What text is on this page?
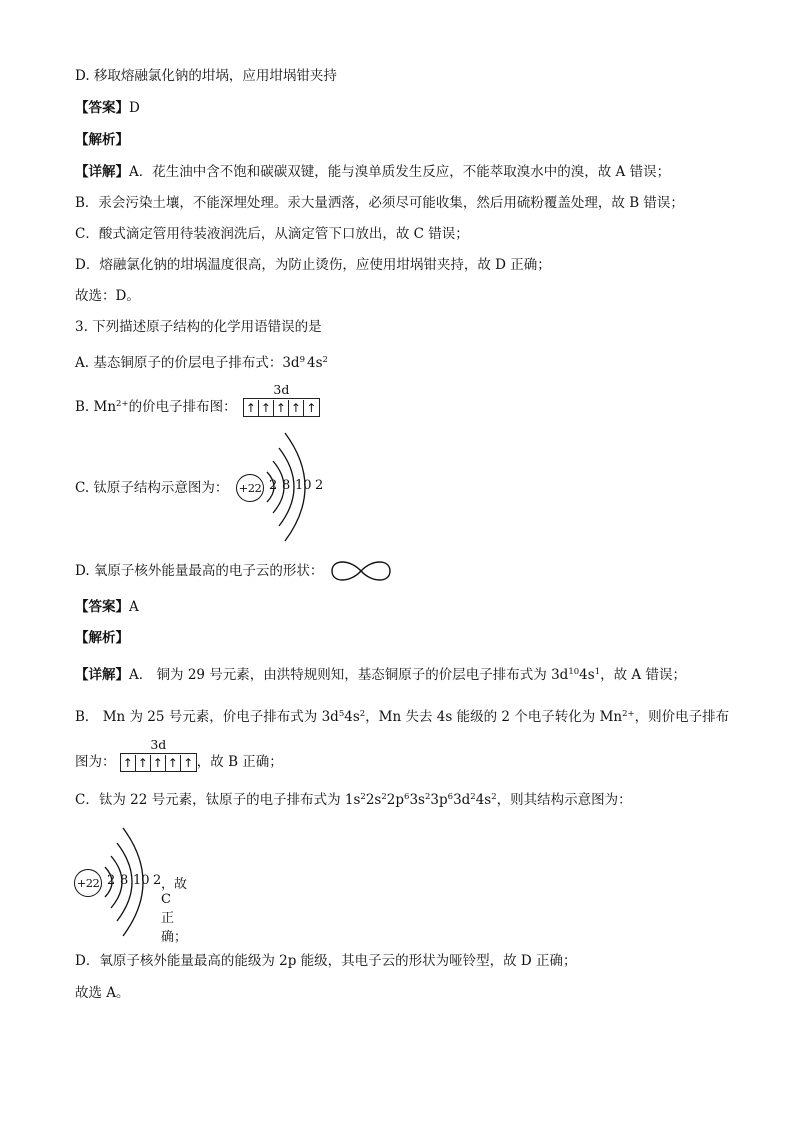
D. 移取熔融氯化钠的坩埚，应用坩埚钳夹持
【答案】D
【解析】
【详解】A．花生油中含不饱和碳碳双键，能与溴单质发生反应，不能萃取溴水中的溴，故 A 错误；
B．汞会污染土壤，不能深埋处理。汞大量洒落，必须尽可能收集，然后用硫粉覆盖处理，故 B 错误；
C．酸式滴定管用待装液润洗后，从滴定管下口放出，故 C 错误；
D．熔融氯化钠的坩埚温度很高，为防止烫伤，应使用坩埚钳夹持，故 D 正确；
故选：D。
3. 下列描述原子结构的化学用语错误的是
A. 基态铜原子的价层电子排布式：$3d^9$ $4s^2$
B. $Mn^{2+}$的价电子排布图：
3d
↑ ↑ ↑ ↑ ↑
C. 钛原子结构示意图为： +22 2 8 10 2
D. 氧原子核外能量最高的电子云的形状：
【答案】A
【解析】
【详解】A． 铜为 29 号元素，由洪特规则知，基态铜原子的价层电子排布式为 $3d^{10}4s^1$，故 A 错误；
B． Mn 为 25 号元素，价电子排布式为 $3d^54s^2$，Mn 失去 4s 能级的 2 个电子转化为 $Mn^{2+}$，则价电子排布
图为：
3d
↑ ↑ ↑ ↑ ↑ ，故 B 正确；
C．钛为 22 号元素，钛原子的电子排布式为 $1s^22s^22p^63s^23p^63d^24s^2$，则其结构示意图为：
+22 2 8 10 2 ，故 C 正确；
D．氧原子核外能量最高的能级为 2p 能级，其电子云的形状为哑铃型，故 D 正确；
故选 A。
